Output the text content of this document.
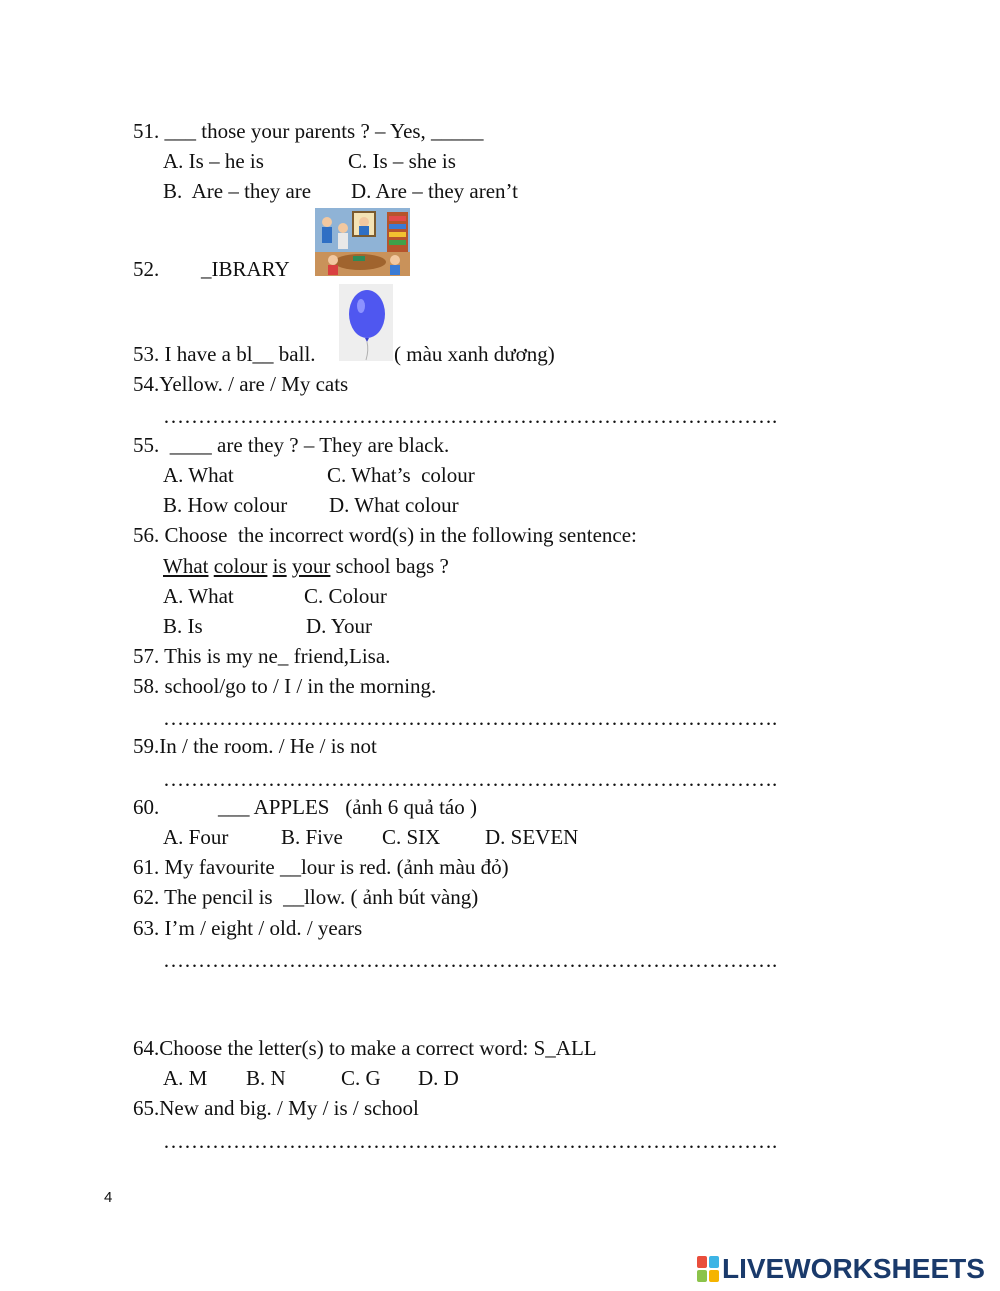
51. ___ those your parents ? – Yes, _____
A. Is – he is	C. Is – she is
B.  Are – they are D. Are – they aren’t
52. _IBRARY
53. I have a bl__ ball.	( màu xanh dương)
54.Yellow. / are / My cats
…………………………………………………………………………….
55.  ____ are they ? – They are black.
A. What	C. What’s  colour
B. How colour D. What colour
56. Choose  the incorrect word(s) in the following sentence:
What colour is your school bags ?
A. What	C. Colour
B. Is	D. Your
57. This is my ne_ friend,Lisa.
58. school/go to / I / in the morning.
…………………………………………………………………………….
59.In / the room. / He / is not
…………………………………………………………………………….
60.	___ APPLES   (ảnh 6 quả táo )
A. Four	B. Five C. SIX D. SEVEN
61. My favourite __lour is red. (ảnh màu đỏ)
62. The pencil is  __llow. ( ảnh bút vàng)
63. I’m / eight / old. / years
…………………………………………………………………………….
64.Choose the letter(s) to make a correct word: S_ALL
A. M B. N	C. G D. D
65.New and big. / My / is / school
…………………………………………………………………………….
4
LIVEWORKSHEETS
